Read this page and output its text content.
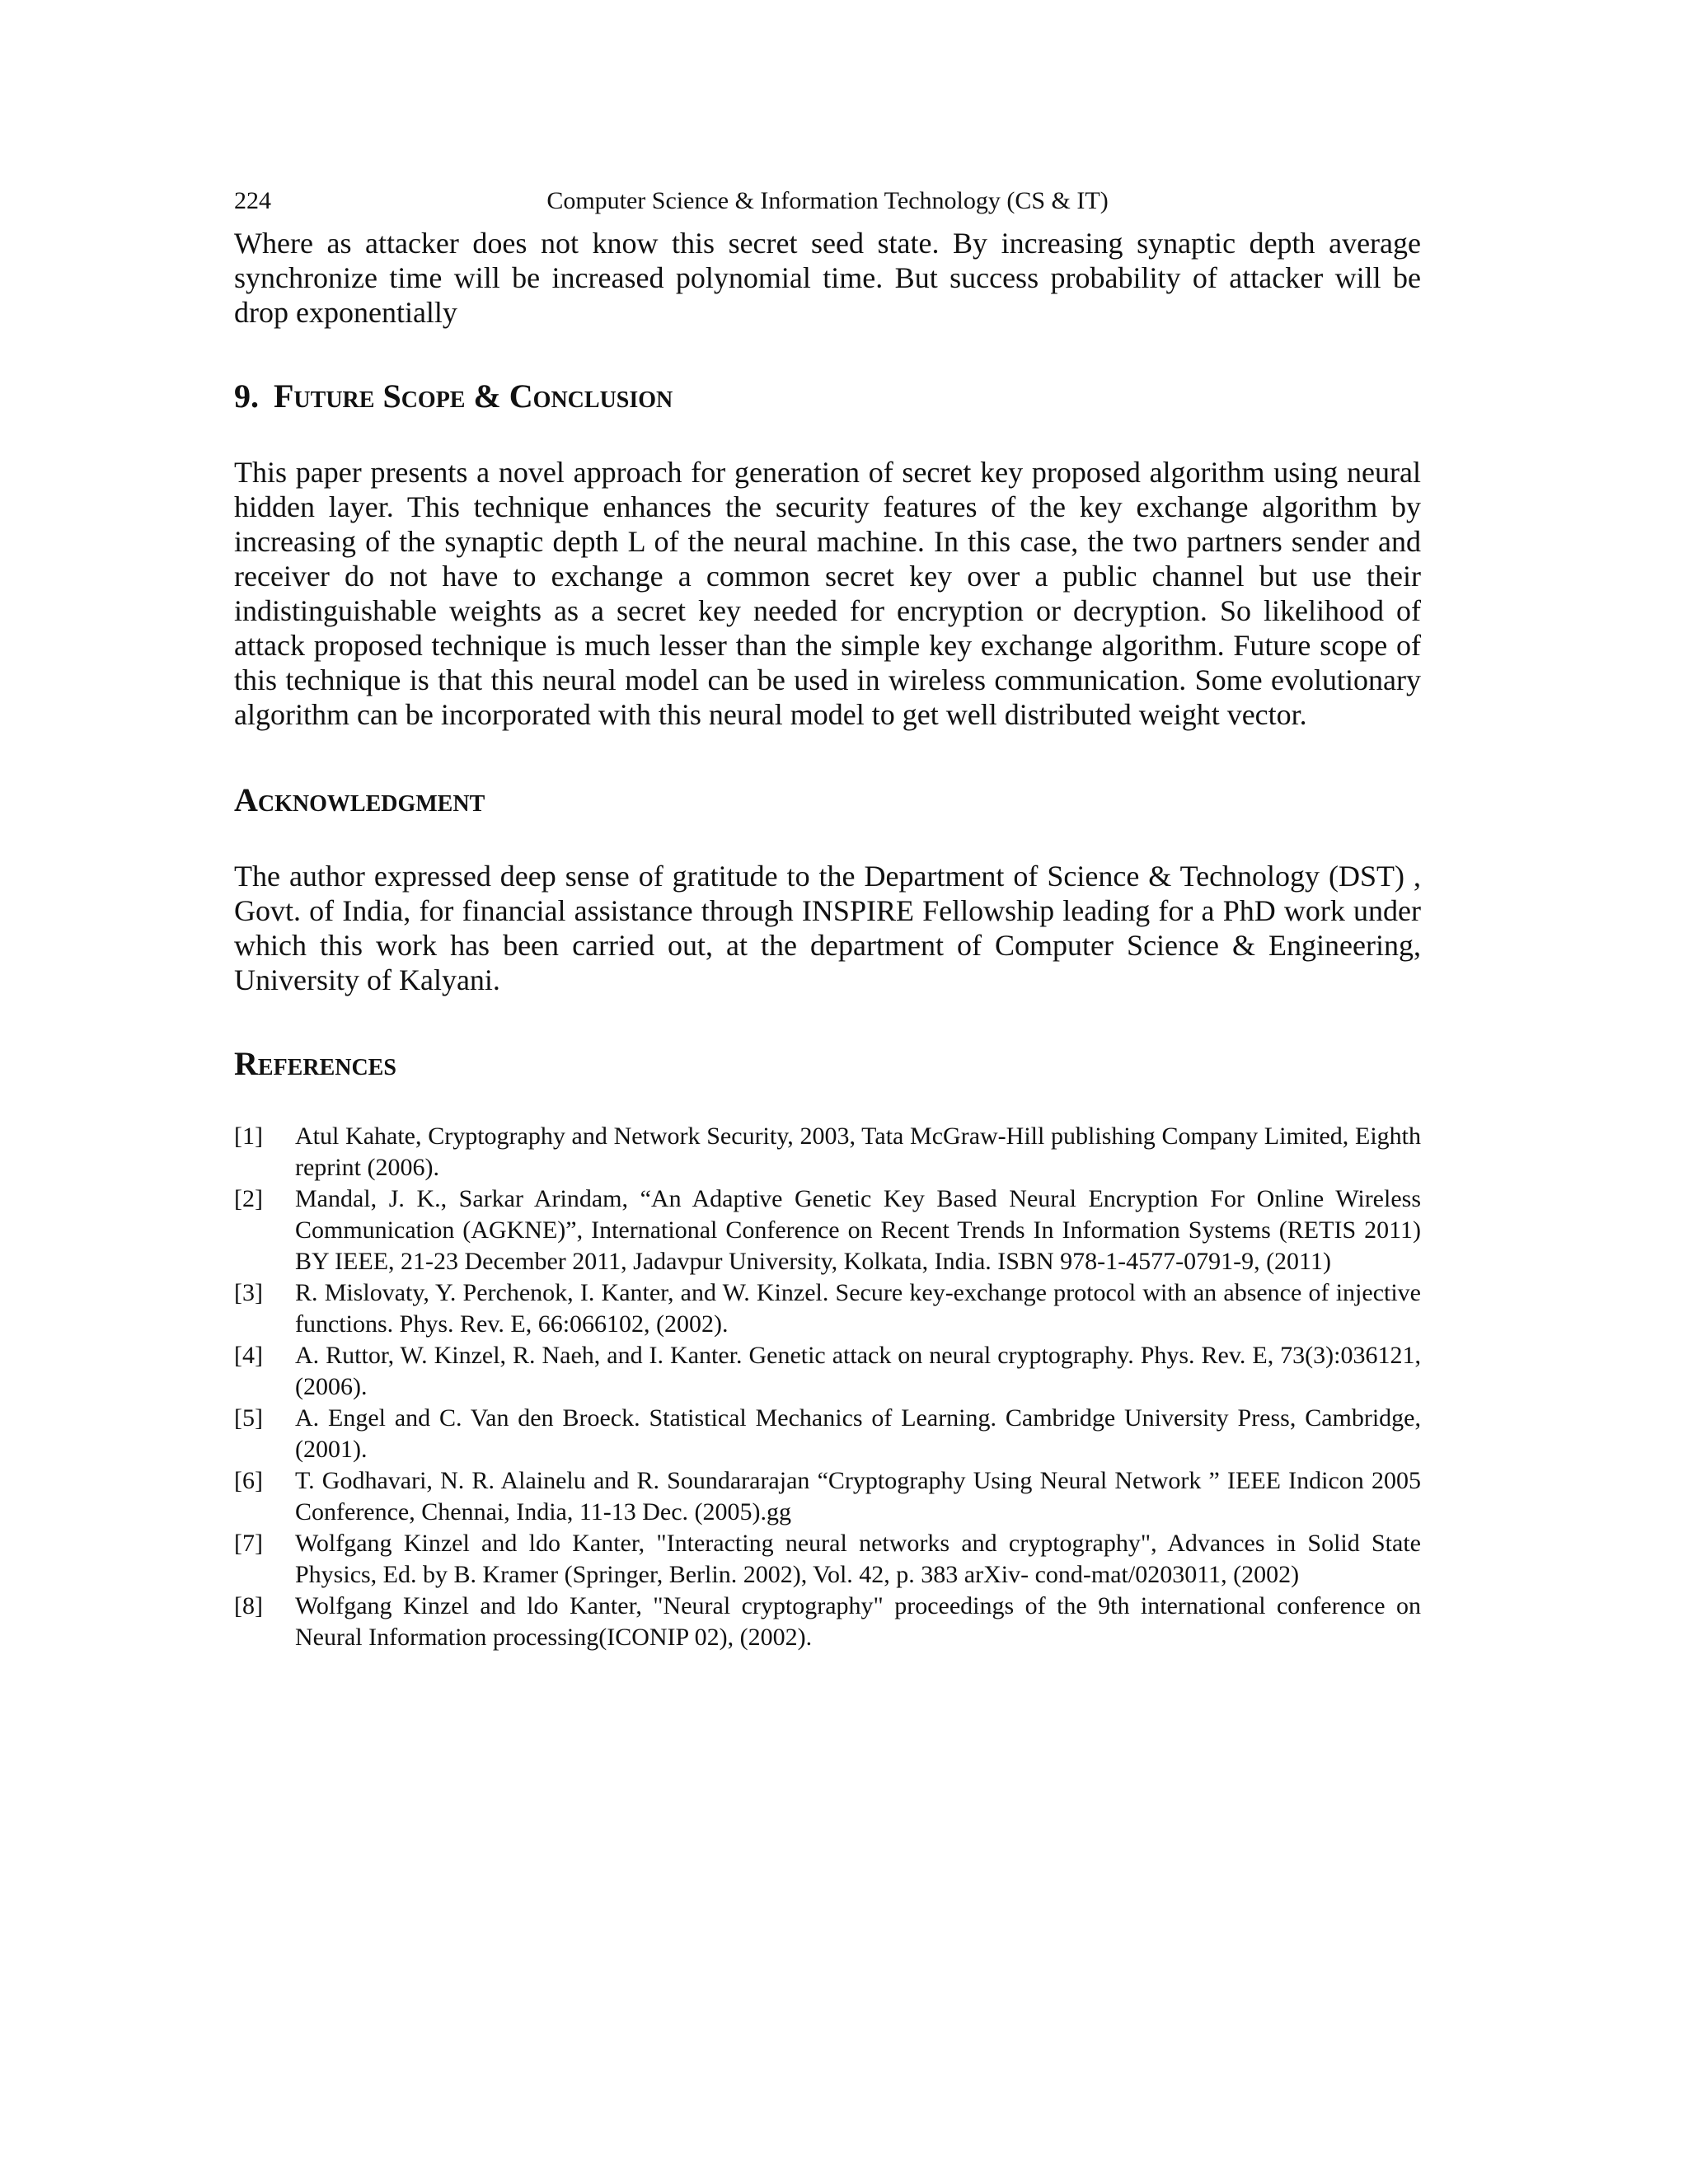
224	Computer Science & Information Technology (CS & IT)

Where as attacker does not know this secret seed state. By increasing synaptic depth average synchronize time will be increased polynomial time. But success probability of attacker will be drop exponentially

9. Future Scope & Conclusion

This paper presents a novel approach for generation of secret key proposed algorithm using neural hidden layer. This technique enhances the security features of the key exchange algorithm by increasing of the synaptic depth L of the neural machine. In this case, the two partners sender and receiver do not have to exchange a common secret key over a public channel but use their indistinguishable weights as a secret key needed for encryption or decryption. So likelihood of attack proposed technique is much lesser than the simple key exchange algorithm. Future scope of this technique is that this neural model can be used in wireless communication. Some evolutionary algorithm can be incorporated with this neural model to get well distributed weight vector.

Acknowledgment

The author expressed deep sense of gratitude to the Department of Science & Technology (DST) , Govt. of India, for financial assistance through INSPIRE Fellowship leading for a PhD work under which this work has been carried out, at the department of Computer Science & Engineering, University of Kalyani.

References
[1]	Atul Kahate, Cryptography and Network Security, 2003, Tata McGraw-Hill publishing Company Limited, Eighth reprint (2006).
[2]	Mandal, J. K., Sarkar Arindam, “An Adaptive Genetic Key Based Neural Encryption For Online Wireless Communication (AGKNE)”, International Conference on Recent Trends In Information Systems (RETIS 2011) BY IEEE, 21-23 December 2011, Jadavpur University, Kolkata, India. ISBN 978-1-4577-0791-9, (2011)
[3]	R. Mislovaty, Y. Perchenok, I. Kanter, and W. Kinzel. Secure key-exchange protocol with an absence of injective functions. Phys. Rev. E, 66:066102, (2002).
[4]	A. Ruttor, W. Kinzel, R. Naeh, and I. Kanter. Genetic attack on neural cryptography. Phys. Rev. E, 73(3):036121, (2006).
[5]	A. Engel and C. Van den Broeck. Statistical Mechanics of Learning. Cambridge University Press, Cambridge, (2001).
[6]	T. Godhavari, N. R. Alainelu and R. Soundararajan “Cryptography Using Neural Network ” IEEE Indicon 2005 Conference, Chennai, India, 11-13 Dec. (2005).gg
[7]	Wolfgang Kinzel and ldo Kanter, "Interacting neural networks and cryptography", Advances in Solid State Physics, Ed. by B. Kramer (Springer, Berlin. 2002), Vol. 42, p. 383 arXiv- cond-mat/0203011, (2002)
[8]	Wolfgang Kinzel and ldo Kanter, "Neural cryptography" proceedings of the 9th international conference on Neural Information processing(ICONIP 02), (2002).
